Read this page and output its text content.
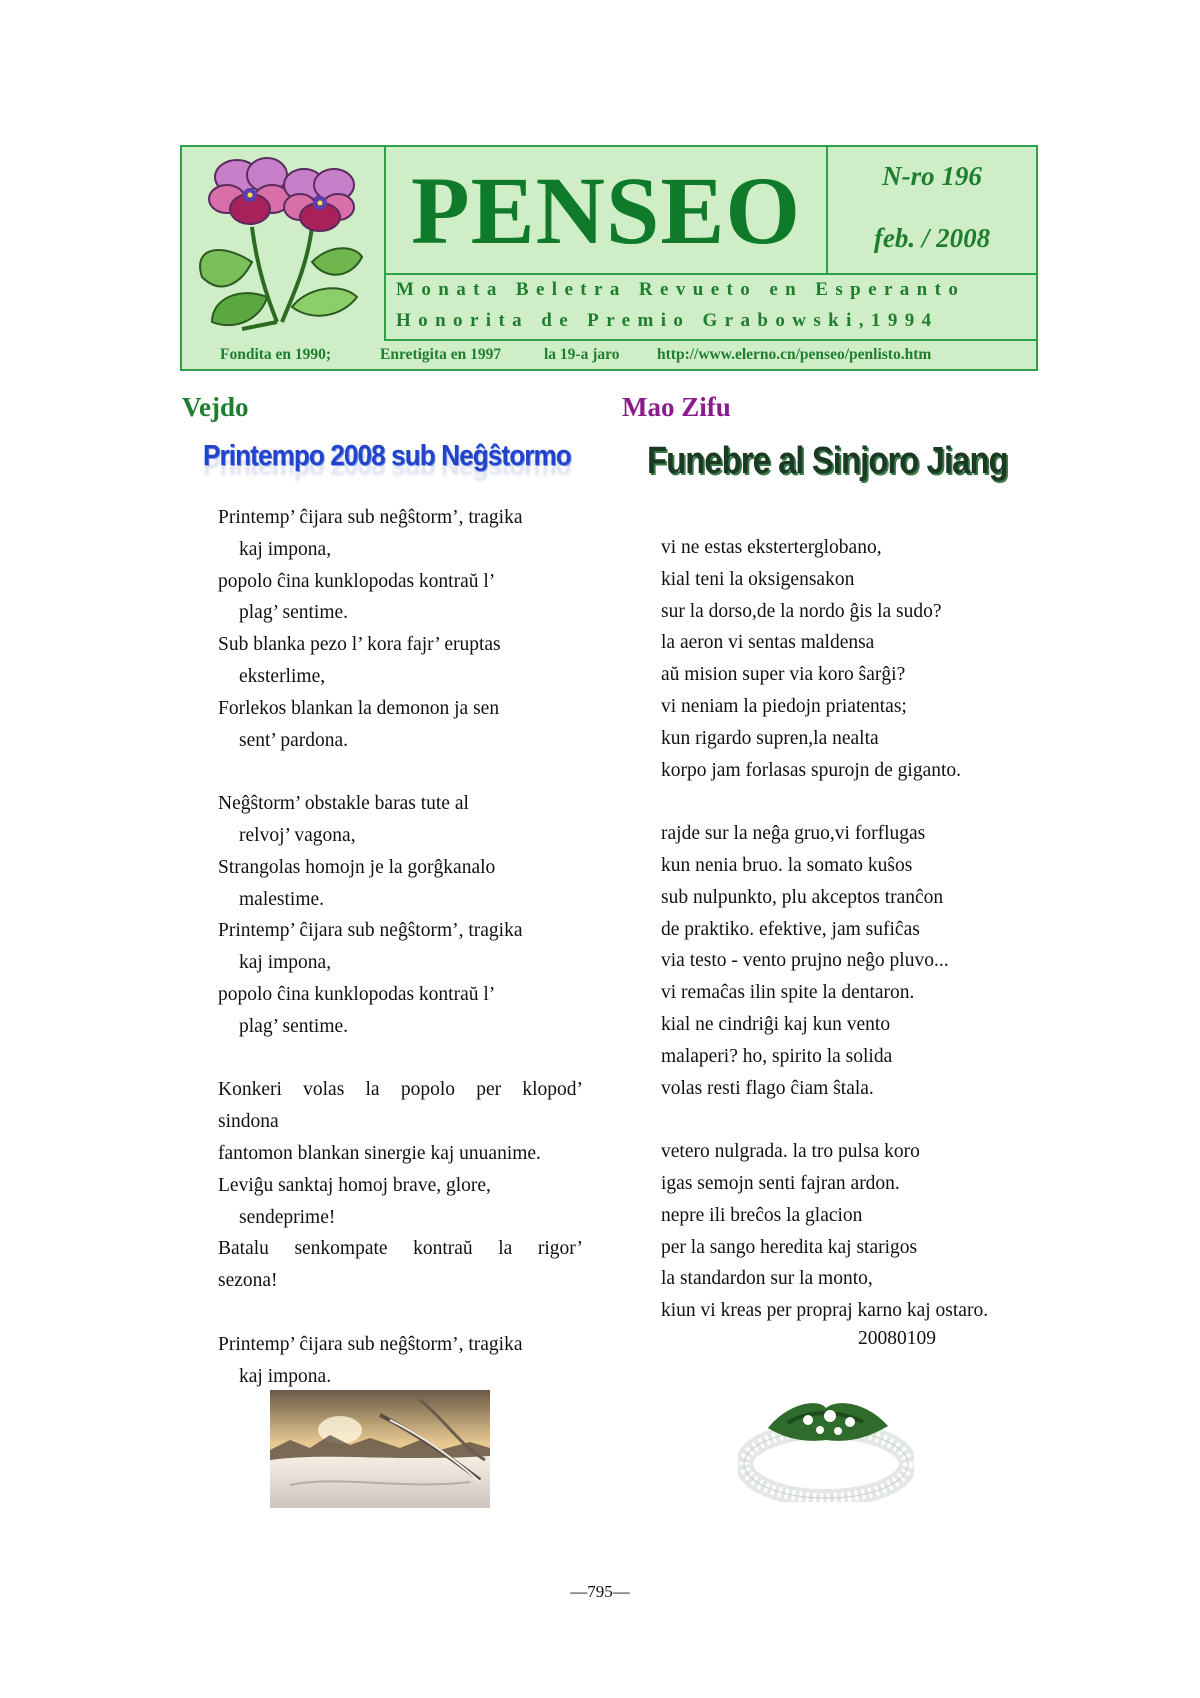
PENSEO	N-ro 196
feb. / 2008
Monata Beletra Revueto en Esperanto
Honorita de Premio Grabowski,1994
Fondita en 1990;	Enretigita en 1997	la 19-a jaro http://www.elerno.cn/penseo/penlisto.htm
Vejdo
Printempo 2008 sub Neĝŝtormo
Printemp’ ĉijara sub neĝŝtorm’, tragika
kaj impona,
popolo ĉina kunklopodas kontraŭ l’
plag’ sentime.
Sub blanka pezo l’ kora fajr’ eruptas
eksterlime,
Forlekos blankan la demonon ja sen
sent’ pardona.
Neĝŝtorm’ obstakle baras tute al
relvoj’ vagona,
Strangolas homojn je la gorĝkanalo
malestime.
Printemp’ ĉijara sub neĝŝtorm’, tragika
kaj impona,
popolo ĉina kunklopodas kontraŭ l’
plag’ sentime.
Konkeri volas la popolo per klopod’
sindona
fantomon blankan sinergie kaj unuanime.
Leviĝu sanktaj homoj brave, glore,
sendeprime!
Batalu senkompate kontraŭ la rigor’
sezona!
Printemp’ ĉijara sub neĝŝtorm’, tragika
kaj impona.
Mao Zifu
Funebre al Sinjoro Jiang
vi ne estas eksterterglobano,
kial teni la oksigensakon
sur la dorso,de la nordo ĝis la sudo?
la aeron vi sentas maldensa
aŭ mision super via koro ŝarĝi?
vi neniam la piedojn priatentas;
kun rigardo supren,la nealta
korpo jam forlasas spurojn de giganto.
rajde sur la neĝa gruo,vi forflugas
kun nenia bruo. la somato kuŝos
sub nulpunkto, plu akceptos tranĉon
de praktiko. efektive, jam sufiĉas
via testo - vento prujno neĝo pluvo...
vi remaĉas ilin spite la dentaron.
kial ne cindriĝi kaj kun vento
malaperi? ho, spirito la solida
volas resti flago ĉiam ŝtala.
vetero nulgrada. la tro pulsa koro
igas semojn senti fajran ardon.
nepre ili breĉos la glacion
per la sango heredita kaj starigos
la standardon sur la monto,
kiun vi kreas per propraj karno kaj ostaro.
20080109
—795—
